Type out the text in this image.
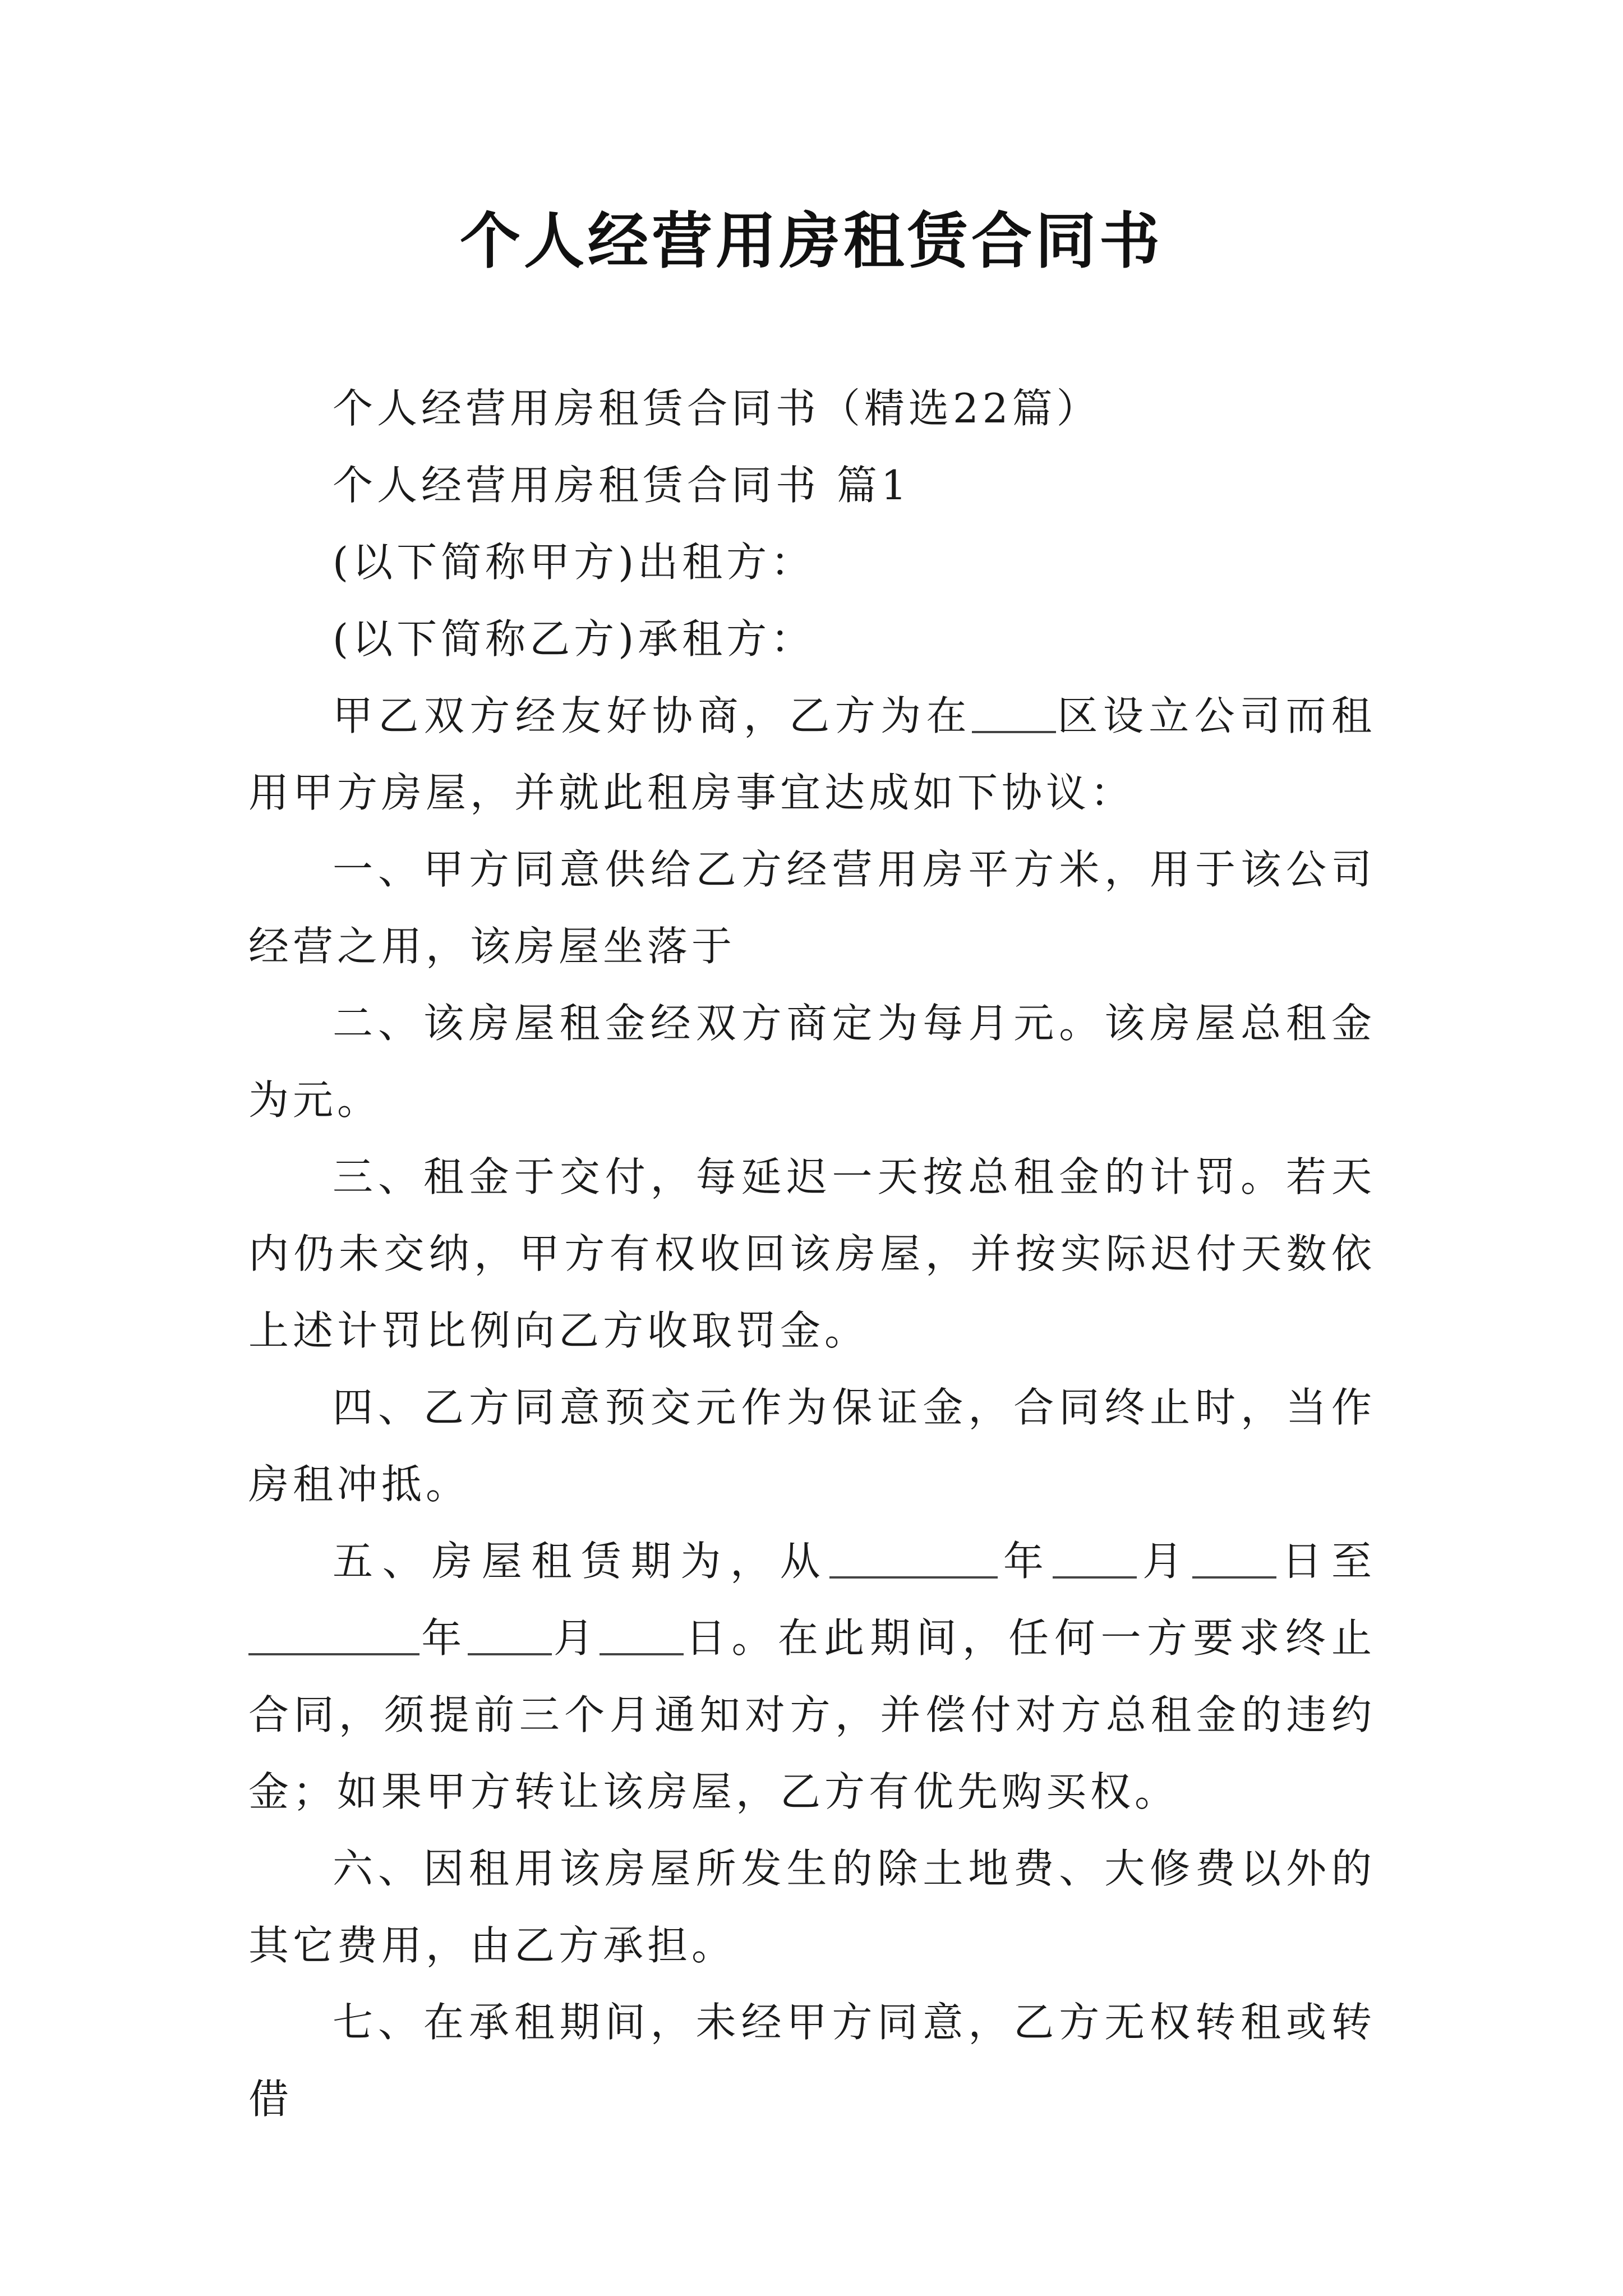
个人经营用房租赁合同书

个人经营用房租赁合同书（精选22篇）

个人经营用房租赁合同书 篇1

(以下简称甲方)出租方：

(以下简称乙方)承租方：

甲乙双方经友好协商，乙方为在 区设立公司而租用甲方房屋，并就此租房事宜达成如下协议：

一、甲方同意供给乙方经营用房平方米，用于该公司经营之用，该房屋坐落于

二、该房屋租金经双方商定为每月元。该房屋总租金为元。

三、租金于交付，每延迟一天按总租金的计罚。若天内仍未交纳，甲方有权收回该房屋，并按实际迟付天数依上述计罚比例向乙方收取罚金。

四、乙方同意预交元作为保证金，合同终止时，当作房租冲抵。

五、房屋租赁期为，从	年 月 日至年 月 日。在此期间，任何一方要求终止合同，须提前三个月通知对方，并偿付对方总租金的违约金；如果甲方转让该房屋，乙方有优先购买权。

六、因租用该房屋所发生的除土地费、大修费以外的其它费用，由乙方承担。

七、在承租期间，未经甲方同意，乙方无权转租或转借
